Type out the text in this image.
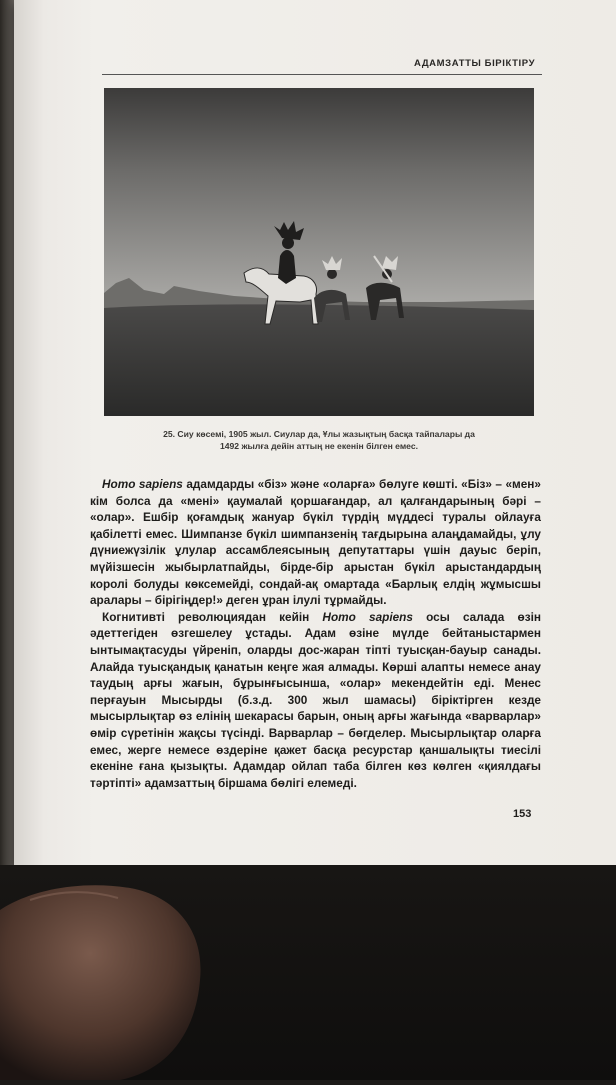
АДАМЗАТТЫ БІРІКТІРУ
25. Сиу көсемі, 1905 жыл. Сиулар да, Ұлы жазықтың басқа тайпалары да
1492 жылға дейін аттың не екенін білген емес.

Homo sapiens адамдарды «біз» және «оларға» бөлуге көшті. «Біз» – «мен» кім болса да «мені» қаумалай қоршағандар, ал қалғандарының бәрі – «олар». Ешбір қоғамдық жануар бүкіл түрдің мүддесі туралы ойлауға қабілетті емес. Шимпанзе бүкіл шимпанзенің тағдырына алаңдамайды, ұлу дүниежүзілік ұлулар ассамблеясының депутаттары үшін дауыс беріп, мүйізшесін жыбырлатпайды, бірде-бір арыстан бүкіл арыстандардың королі болуды көксемейді, сондай-ақ омартада «Барлық елдің жұмысшы аралары – бірігіңдер!» деген ұран ілулі тұрмайды.

Когнитивті революциядан кейін Homo sapiens осы салада өзін әдеттегіден өзгешелеу ұстады. Адам өзіне мүлде бейтаныстармен ынтымақтасуды үйреніп, оларды дос-жаран тіпті туысқан-бауыр санады. Алайда туысқандық қанатын кеңге жая алмады. Көрші алапты немесе анау таудың арғы жағын, бұрынғысынша, «олар» мекендейтін еді. Менес перғауын Мысырды (б.з.д. 300 жыл шамасы) біріктірген кезде мысырлықтар өз елінің шекарасы барын, оның арғы жағында «варварлар» өмір сүретінін жақсы түсінді. Варварлар – бөгделер. Мысырлықтар оларға емес, жерге немесе өздеріне қажет басқа ресурстар қаншалықты тиесілі екеніне ғана қызықты. Адамдар ойлап таба білген көз көлген «қиялдағы тәртіпті» адамзаттың біршама бөлігі елемеді.

153
